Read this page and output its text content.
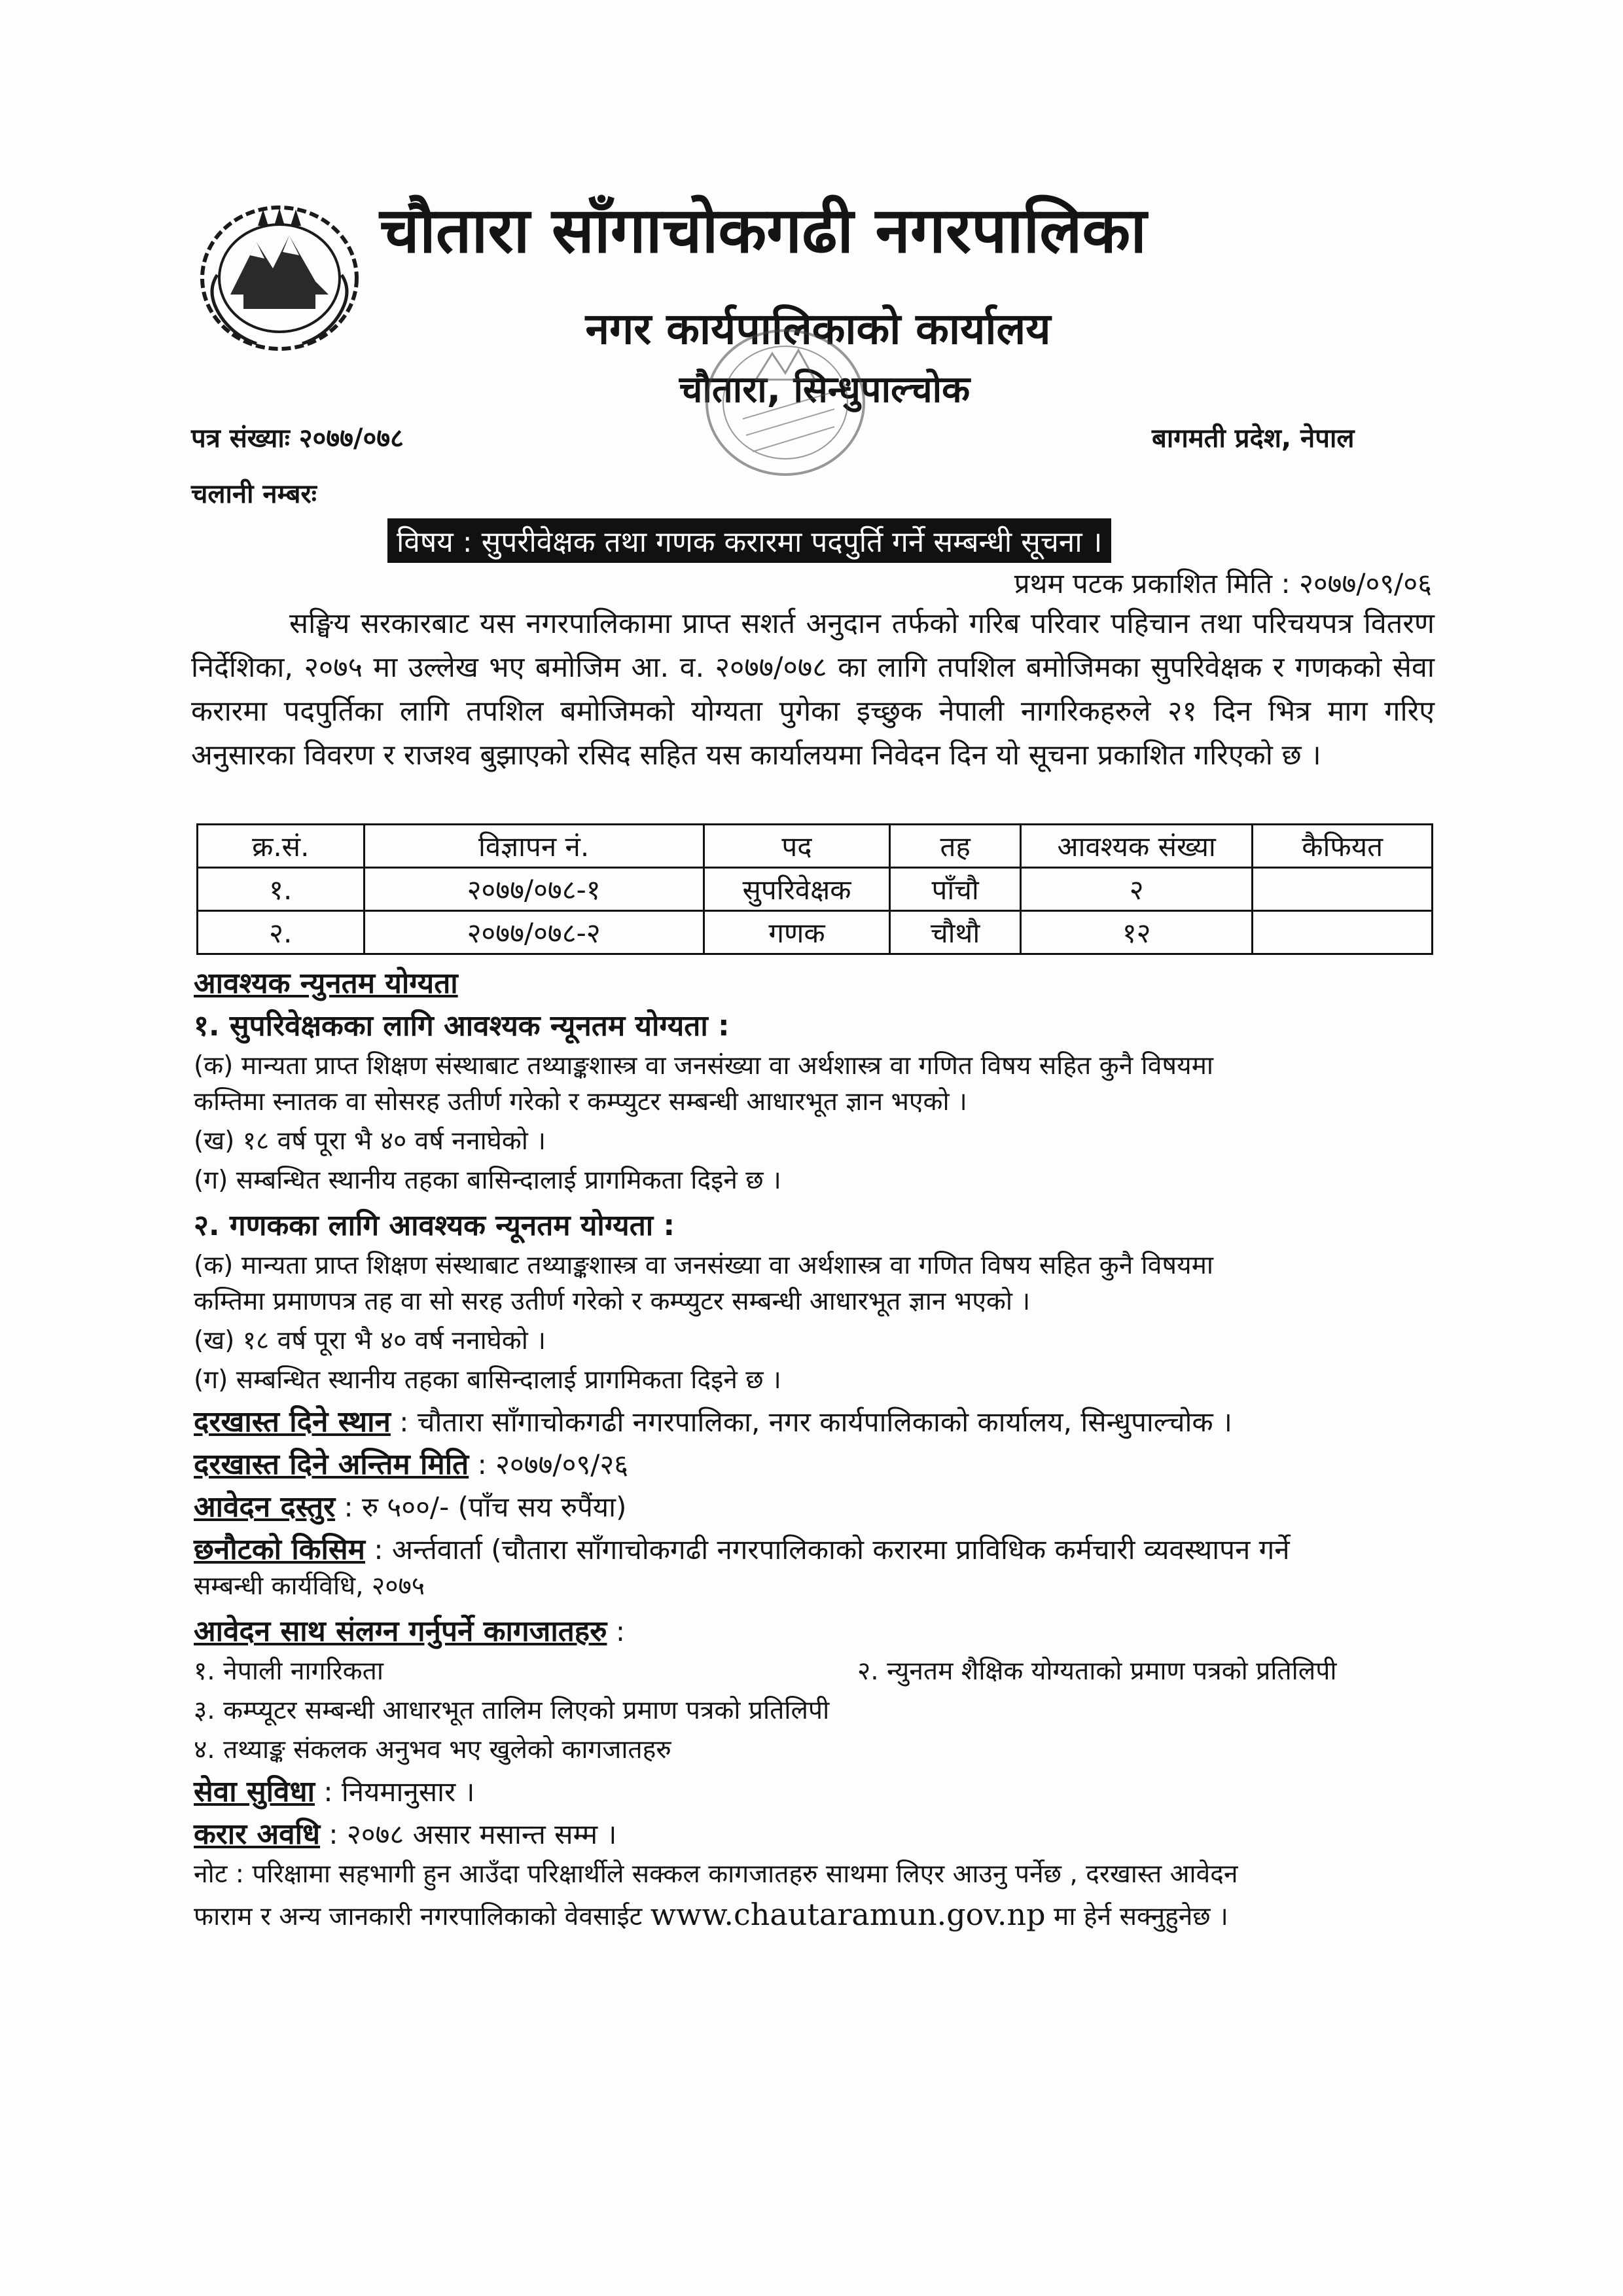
चौतारा साँगाचोकगढी नगरपालिका
नगर कार्यपालिकाको कार्यालय
चौतारा, सिन्धुपाल्चोक
पत्र संख्याः २०७७/०७८	बागमती प्रदेश, नेपाल
चलानी नम्बरः
विषय : सुपरीवेक्षक तथा गणक करारमा पदपुर्ति गर्ने सम्बन्धी सूचना ।
प्रथम पटक प्रकाशित मिति : २०७७/०९/०६
सङ्घिय सरकारबाट यस नगरपालिकामा प्राप्त सशर्त अनुदान तर्फको गरिब परिवार पहिचान तथा परिचयपत्र वितरण निर्देशिका, २०७५ मा उल्लेख भए बमोजिम आ. व. २०७७/०७८ का लागि तपशिल बमोजिमका सुपरिवेक्षक र गणकको सेवा करारमा पदपुर्तिका लागि तपशिल बमोजिमको योग्यता पुगेका इच्छुक नेपाली नागरिकहरुले २१ दिन भित्र माग गरिए अनुसारका विवरण र राजश्व बुझाएको रसिद सहित यस कार्यालयमा निवेदन दिन यो सूचना प्रकाशित गरिएको छ ।
क्र.सं.	विज्ञापन नं.	पद	तह	आवश्यक संख्या	कैफियत
१.	२०७७/०७८-१	सुपरिवेक्षक	पाँचौ	२	
२.	२०७७/०७८-२	गणक	चौथौ	१२	
आवश्यक न्युनतम योग्यता
१. सुपरिवेक्षकका लागि आवश्यक न्यूनतम योग्यता :
(क) मान्यता प्राप्त शिक्षण संस्थाबाट तथ्याङ्कशास्त्र वा जनसंख्या वा अर्थशास्त्र वा गणित विषय सहित कुनै विषयमा
कम्तिमा स्नातक वा सोसरह उतीर्ण गरेको र कम्प्युटर सम्बन्धी आधारभूत ज्ञान भएको ।
(ख) १८ वर्ष पूरा भै ४० वर्ष ननाघेको ।
(ग) सम्बन्धित स्थानीय तहका बासिन्दालाई प्रागमिकता दिइने छ ।
२. गणकका लागि आवश्यक न्यूनतम योग्यता :
(क) मान्यता प्राप्त शिक्षण संस्थाबाट तथ्याङ्कशास्त्र वा जनसंख्या वा अर्थशास्त्र वा गणित विषय सहित कुनै विषयमा
कम्तिमा प्रमाणपत्र तह वा सो सरह उतीर्ण गरेको र कम्प्युटर सम्बन्धी आधारभूत ज्ञान भएको ।
(ख) १८ वर्ष पूरा भै ४० वर्ष ननाघेको ।
(ग) सम्बन्धित स्थानीय तहका बासिन्दालाई प्रागमिकता दिइने छ ।
दरखास्त दिने स्थान : चौतारा साँगाचोकगढी नगरपालिका, नगर कार्यपालिकाको कार्यालय, सिन्धुपाल्चोक ।
दरखास्त दिने अन्तिम मिति : २०७७/०९/२६
आवेदन दस्तुर : रु ५००/- (पाँच सय रुपैंया)
छनौटको किसिम : अर्न्तवार्ता (चौतारा साँगाचोकगढी नगरपालिकाको करारमा प्राविधिक कर्मचारी व्यवस्थापन गर्ने
सम्बन्धी कार्यविधि, २०७५
आवेदन साथ संलग्न गर्नुपर्ने कागजातहरु :
१. नेपाली नागरिकता	२. न्युनतम शैक्षिक योग्यताको प्रमाण पत्रको प्रतिलिपी
३. कम्प्यूटर सम्बन्धी आधारभूत तालिम लिएको प्रमाण पत्रको प्रतिलिपी
४. तथ्याङ्क संकलक अनुभव भए खुलेको कागजातहरु
सेवा सुविधा : नियमानुसार ।
करार अवधि : २०७८ असार मसान्त सम्म ।
नोट : परिक्षामा सहभागी हुन आउँदा परिक्षार्थीले सक्कल कागजातहरु साथमा लिएर आउनु पर्नेछ , दरखास्त आवेदन
फाराम र अन्य जानकारी नगरपालिकाको वेवसाईट www.chautaramun.gov.np मा हेर्न सक्नुहुनेछ ।
